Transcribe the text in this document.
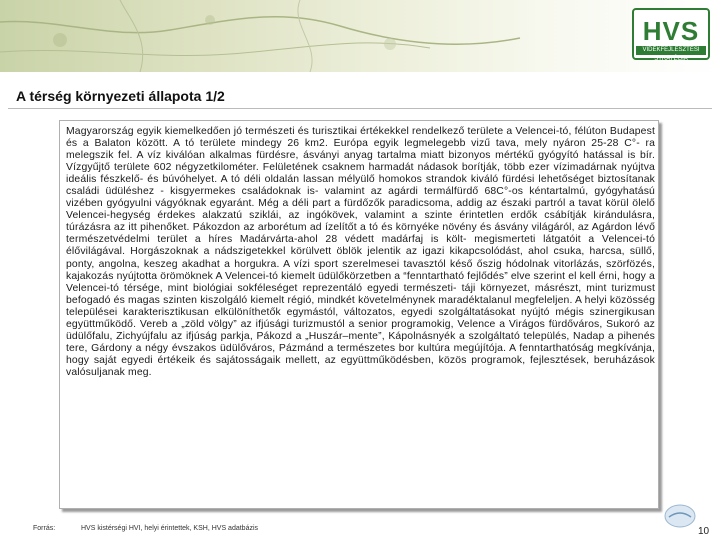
HVS
VIDÉKFEJLESZTÉSI STRATÉGIA
A térség környezeti állapota 1/2

Magyarország egyik kiemelkedően jó természeti és turisztikai értékekkel rendelkező területe a Velencei-tó, félúton Budapest és a Balaton között. A tó területe mindegy 26 km2. Európa egyik legmelegebb vizű tava, mely nyáron 25-28 C°- ra melegszik fel. A víz kiválóan alkalmas fürdésre, ásványi anyag tartalma miatt bizonyos mértékű gyógyító hatással is bír. Vízgyűjtő területe 602 négyzetkilométer. Felületének csaknem harmadát nádasok borítják, több ezer vízimadárnak nyújtva ideális fészkelő- és búvóhelyet. A tó déli oldalán lassan mélyülő homokos strandok kiváló fürdési lehetőséget biztosítanak családi üdüléshez - kisgyermekes családoknak is- valamint az agárdi termálfürdő 68C°-os kéntartalmú, gyógyhatású vizében gyógyulni vágyóknak egyaránt. Még a déli part a fürdőzők paradicsoma, addig az északi partról a tavat körül ölelő Velencei-hegység érdekes alakzatú sziklái, az ingókövek, valamint a szinte érintetlen erdők csábítják kirándulásra, túrázásra az itt pihenőket. Pákozdon az arborétum ad ízelítőt a tó és környéke növény és ásvány világáról, az Agárdon lévő természetvédelmi terület a híres Madárvárta-ahol 28 védett madárfaj is költ- megismerteti látgatóit a Velencei-tó élővilágával. Horgászoknak a nádszigetekkel körülvett öblök jelentik az igazi kikapcsolódást, ahol csuka, harcsa, süllő, ponty, angolna, keszeg akadhat a horgukra. A vízi sport szerelmesei tavasztól késő őszig hódolnak vitorlázás, szörfözés, kajakozás nyújtotta örömöknek A Velencei-tó kiemelt üdülőkörzetben a “fenntartható fejlődés” elve szerint el kell érni, hogy a Velencei-tó térsége, mint biológiai sokféleséget reprezentáló egyedi természeti- táji környezet, másrészt, mint turizmust befogadó és magas szinten kiszolgáló kiemelt régió, mindkét követelménynek maradéktalanul megfeleljen. A helyi közösség települései karakterisztikusan elkülöníthetők egymástól, változatos, egyedi szolgáltatásokat nyújtó mégis szinergikusan együttműködő. Vereb a „zöld völgy” az ifjúsági turizmustól a senior programokig, Velence a Virágos fürdőváros, Sukoró az üdülőfalu, Zichyújfalu az ifjúság parkja, Pákozd a „Huszár–mente”, Kápolnásnyék a szolgáltató település, Nadap a pihenés tere, Gárdony a négy évszakos üdülőváros, Pázmánd a természetes bor kultúra megújítója. A fenntarthatóság megkívánja, hogy saját egyedi értékeik és sajátosságaik mellett, az együttműködésben, közös programok, fejlesztések, beruházások valósuljanak meg.

Forrás:	HVS kistérségi HVI, helyi érintettek, KSH, HVS adatbázis	10
